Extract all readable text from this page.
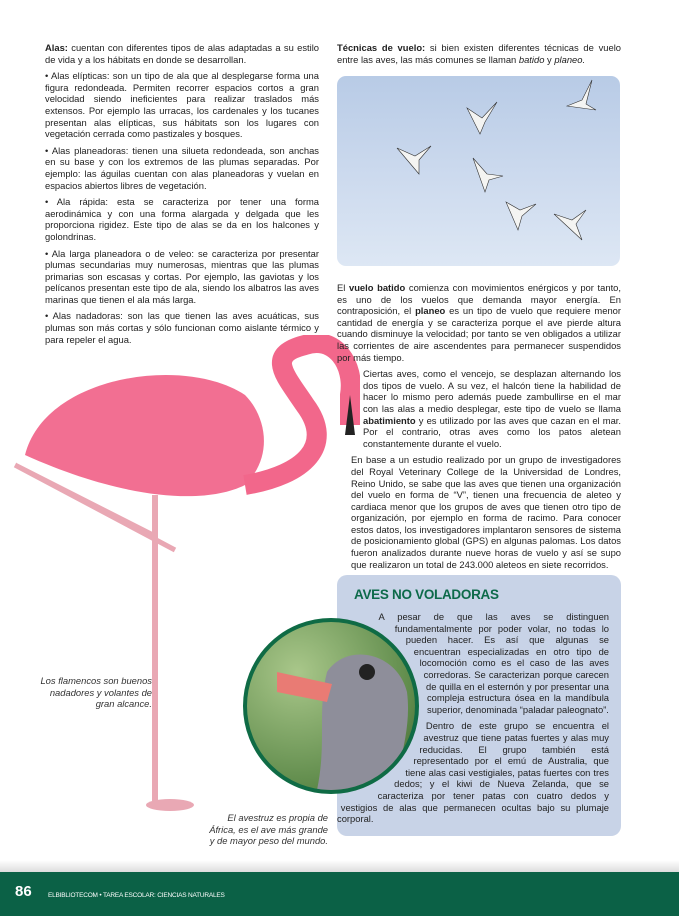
Alas: cuentan con diferentes tipos de alas adaptadas a su estilo de vida y a los hábitats en donde se desarrollan.

• Alas elípticas: son un tipo de ala que al desplegarse forma una figura redondeada. Permiten recorrer espacios cortos a gran velocidad siendo ineficientes para realizar traslados más extensos. Por ejemplo las urracas, los cardenales y los tucanes presentan alas elípticas, sus hábitats son los lugares con vegetación cerrada como pastizales y bosques.

• Alas planeadoras: tienen una silueta redondeada, son anchas en su base y con los extremos de las plumas separadas. Por ejemplo: las águilas cuentan con alas planeadoras y vuelan en espacios abiertos libres de vegetación.

• Ala rápida: esta se caracteriza por tener una forma aerodinámica y con una forma alargada y delgada que les proporciona rigidez. Este tipo de alas se da en los halcones y golondrinas.

• Ala larga planeadora o de veleo: se caracteriza por presentar plumas secundarias muy numerosas, mientras que las plumas primarias son escasas y cortas. Por ejemplo, las gaviotas y los pelícanos presentan este tipo de ala, siendo los albatros las aves marinas que tienen el ala más larga.

• Alas nadadoras: son las que tienen las aves acuáticas, sus plumas son más cortas y sólo funcionan como aislante térmico y para repeler el agua.

Técnicas de vuelo: si bien existen diferentes técnicas de vuelo entre las aves, las más comunes se llaman batido y planeo.
Los flamencos son buenos nadadores y volantes de gran alcance.

El vuelo batido comienza con movimientos enérgicos y por tanto, es uno de los vuelos que demanda mayor energía. En contraposición, el planeo es un tipo de vuelo que requiere menor cantidad de energía y se caracteriza porque el ave pierde altura cuando disminuye la velocidad; por tanto se ven obligados a utilizar las corrientes de aire ascendentes para permanecer suspendidos por más tiempo.

Ciertas aves, como el vencejo, se desplazan alternando los dos tipos de vuelo. A su vez, el halcón tiene la habilidad de hacer lo mismo pero además puede zambullirse en el mar con las alas a medio desplegar, este tipo de vuelo se llama abatimiento y es utilizado por las aves que cazan en el mar. Por el contrario, otras aves como los patos aletean constantemente durante el vuelo.

En base a un estudio realizado por un grupo de investigadores del Royal Veterinary College de la Universidad de Londres, Reino Unido, se sabe que las aves que tienen una organización del vuelo en forma de “V”, tienen una frecuencia de aleteo y cardiaca menor que los grupos de aves que tienen otro tipo de organización, por ejemplo en forma de racimo. Para conocer estos datos, los investigadores implantaron sensores de sistema de posicionamiento global (GPS) en algunas palomas. Los datos fueron analizados durante nueve horas de vuelo y así se supo que realizaron un total de 243.000 aleteos en siete recorridos.

AVES NO VOLADORAS

A pesar de que las aves se distinguen fundamentalmente por poder volar, no todas lo pueden hacer. Es así que algunas se encuentran especializadas en otro tipo de locomoción como es el caso de las aves corredoras. Se caracterizan porque carecen de quilla en el esternón y por presentar una compleja estructura ósea en la mandíbula superior, denominada “paladar paleognato”.

Dentro de este grupo se encuentra el avestruz que tiene patas fuertes y alas muy reducidas. El grupo también está representado por el emú de Australia, que tiene alas casi vestigiales, patas fuertes con tres dedos; y el kiwi de Nueva Zelanda, que se caracteriza por tener patas con cuatro dedos y vestigios de alas que permanecen ocultas bajo su plumaje corporal.

El avestruz es propia de África, es el ave más grande y de mayor peso del mundo.
86	ELBIBLIOTECOM • TAREA ESCOLAR: CIENCIAS NATURALES
